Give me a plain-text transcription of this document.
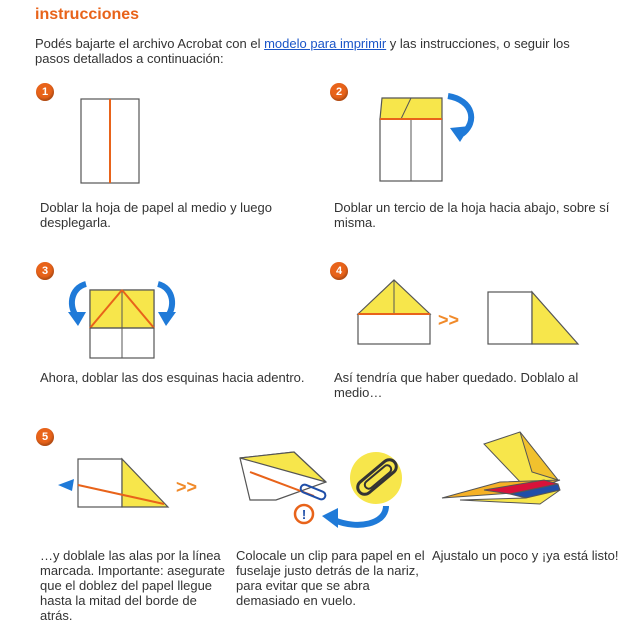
instrucciones
Podés bajarte el archivo Acrobat con el modelo para imprimir y las instrucciones, o seguir los pasos detallados a continuación:
1
Doblar la hoja de papel al medio y luego desplegarla.
2
Doblar un tercio de la hoja hacia abajo, sobre sí misma.
3
Ahora, doblar las dos esquinas hacia adentro.
4
>>
Así tendría que haber quedado. Doblalo al medio…
5
>>
!
…y doblale las alas por la línea marcada. Importante: asegurate que el doblez del papel llegue hasta la mitad del borde de atrás.
Colocale un clip para papel en el fuselaje justo detrás de la nariz, para evitar que se abra demasiado en vuelo.
Ajustalo un poco y ¡ya está listo!
